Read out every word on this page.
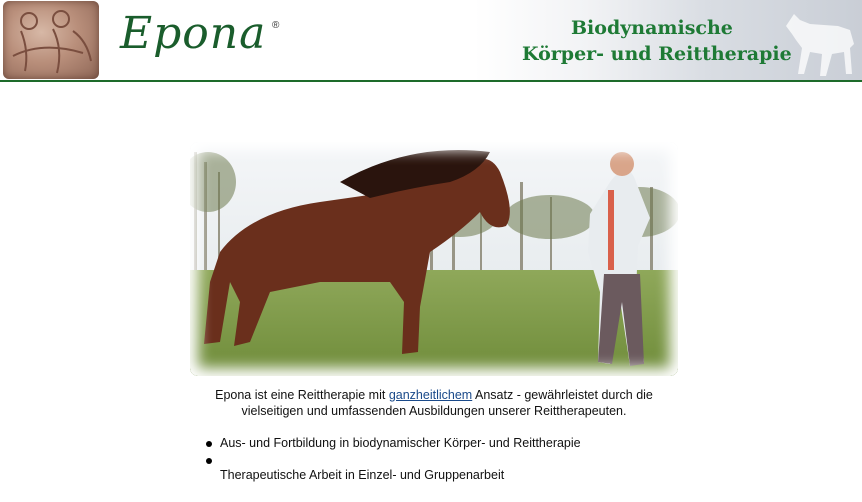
Epona ®	Biodynamische
Körper- und Reittherapie
Epona ist eine Reittherapie mit ganzheitlichem Ansatz - gewährleistet durch die vielseitigen und umfassenden Ausbildungen unserer Reittherapeuten.
Aus- und Fortbildung in biodynamischer Körper- und Reittherapie
Therapeutische Arbeit in Einzel- und Gruppenarbeit
